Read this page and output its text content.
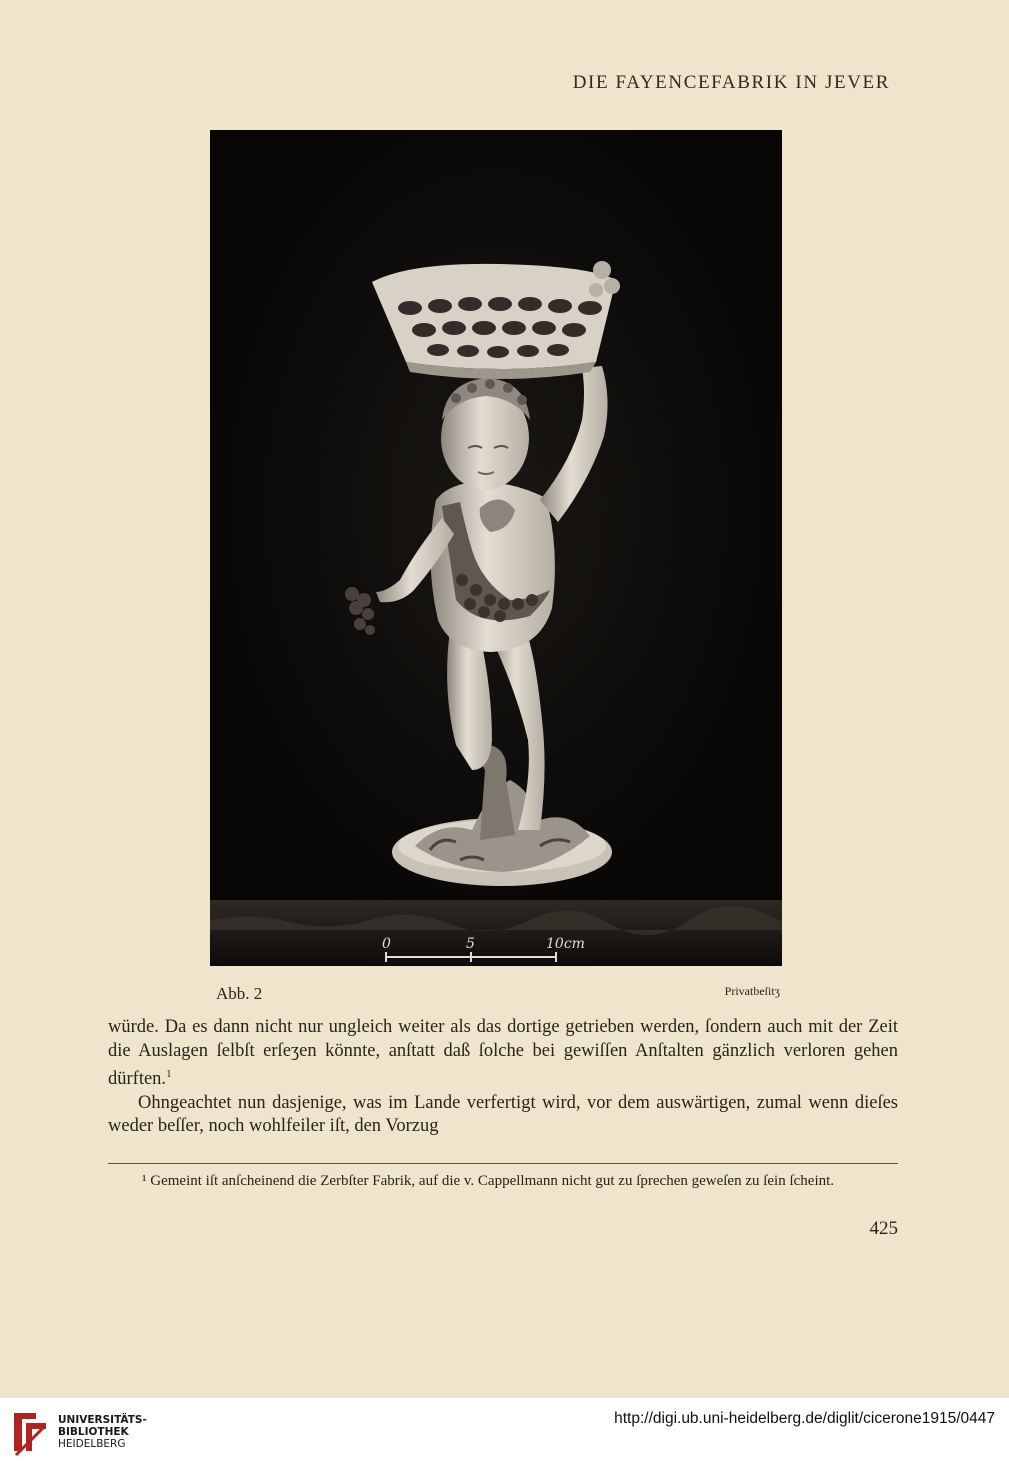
DIE FAYENCEFABRIK IN JEVER
0	5	10cm
Abb. 2	Privatbeſitʒ

würde. Da es dann nicht nur ungleich weiter als das dortige getrieben werden, ſondern auch mit der Zeit die Auslagen ſelbſt erſeʒen könnte, anſtatt daß ſolche bei gewiſſen Anſtalten gänzlich verloren gehen dürften.$^1$

Ohngeachtet nun dasjenige, was im Lande verfertigt wird, vor dem auswärtigen, zumal wenn dieſes weder beſſer, noch wohlfeiler iſt, den Vorzug

¹ Gemeint iſt anſcheinend die Zerbſter Fabrik, auf die v. Cappellmann nicht gut zu ſprechen geweſen zu ſein ſcheint.
425
UNIVERSITÄTS-
BIBLIOTHEK
HEIDELBERG
http://digi.ub.uni-heidelberg.de/diglit/cicerone1915/0447
